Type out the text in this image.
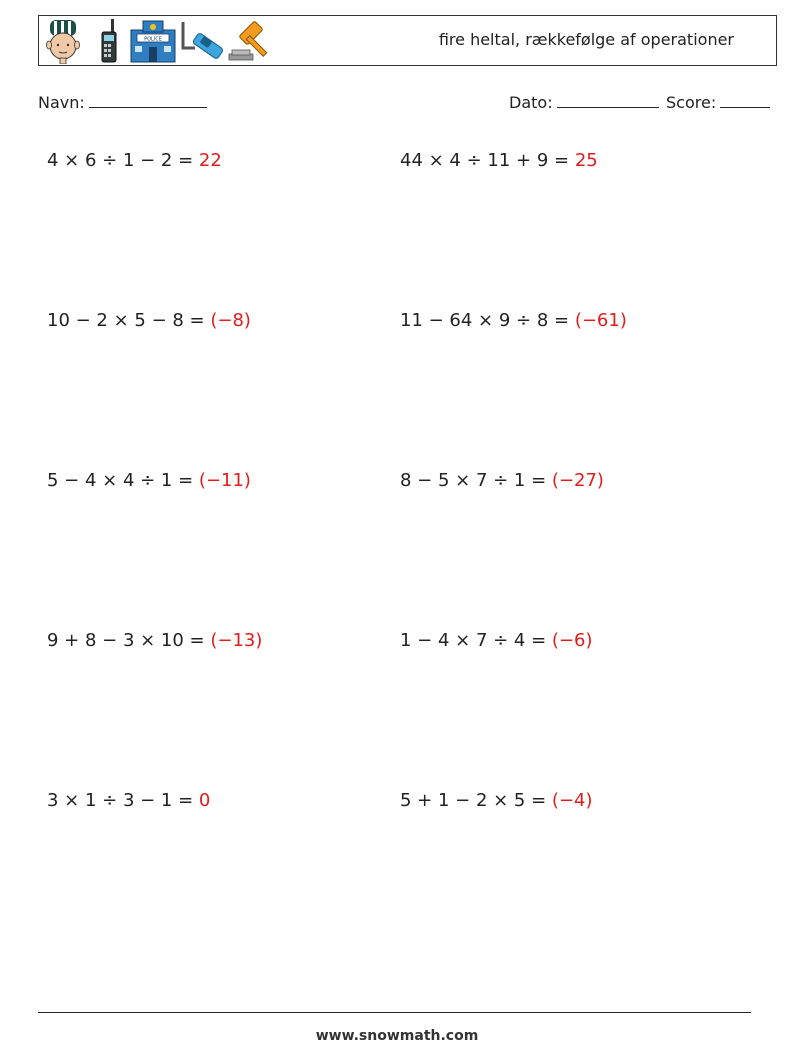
POLICE	fire heltal, rækkefølge af operationer
Navn:	Dato:	Score:
4 × 6 ÷ 1 − 2 = 22	44 × 4 ÷ 11 + 9 = 25
10 − 2 × 5 − 8 = (−8)	11 − 64 × 9 ÷ 8 = (−61)
5 − 4 × 4 ÷ 1 = (−11)	8 − 5 × 7 ÷ 1 = (−27)
9 + 8 − 3 × 10 = (−13)	1 − 4 × 7 ÷ 4 = (−6)
3 × 1 ÷ 3 − 1 = 0	5 + 1 − 2 × 5 = (−4)
www.snowmath.com
